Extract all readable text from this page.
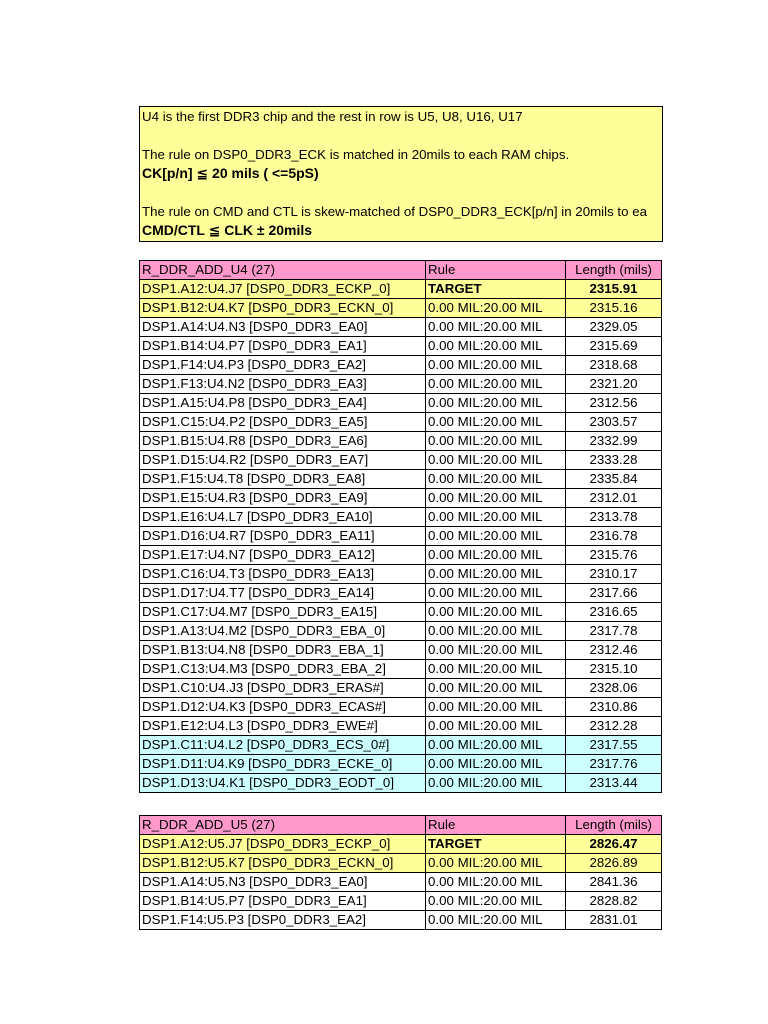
U4 is the first DDR3 chip and the rest in row is U5, U8, U16, U17
The rule on DSP0_DDR3_ECK is matched in 20mils to each RAM chips.
CK[p/n] ≦ 20 mils ( <=5pS)
The rule on CMD and CTL is skew-matched of DSP0_DDR3_ECK[p/n] in 20mils to ea
CMD/CTL ≦ CLK ± 20mils
R_DDR_ADD_U4 (27)	Rule	Length (mils)
DSP1.A12:U4.J7 [DSP0_DDR3_ECKP_0]	TARGET	2315.91
DSP1.B12:U4.K7 [DSP0_DDR3_ECKN_0]	0.00 MIL:20.00 MIL	2315.16
DSP1.A14:U4.N3 [DSP0_DDR3_EA0]	0.00 MIL:20.00 MIL	2329.05
DSP1.B14:U4.P7 [DSP0_DDR3_EA1]	0.00 MIL:20.00 MIL	2315.69
DSP1.F14:U4.P3 [DSP0_DDR3_EA2]	0.00 MIL:20.00 MIL	2318.68
DSP1.F13:U4.N2 [DSP0_DDR3_EA3]	0.00 MIL:20.00 MIL	2321.20
DSP1.A15:U4.P8 [DSP0_DDR3_EA4]	0.00 MIL:20.00 MIL	2312.56
DSP1.C15:U4.P2 [DSP0_DDR3_EA5]	0.00 MIL:20.00 MIL	2303.57
DSP1.B15:U4.R8 [DSP0_DDR3_EA6]	0.00 MIL:20.00 MIL	2332.99
DSP1.D15:U4.R2 [DSP0_DDR3_EA7]	0.00 MIL:20.00 MIL	2333.28
DSP1.F15:U4.T8 [DSP0_DDR3_EA8]	0.00 MIL:20.00 MIL	2335.84
DSP1.E15:U4.R3 [DSP0_DDR3_EA9]	0.00 MIL:20.00 MIL	2312.01
DSP1.E16:U4.L7 [DSP0_DDR3_EA10]	0.00 MIL:20.00 MIL	2313.78
DSP1.D16:U4.R7 [DSP0_DDR3_EA11]	0.00 MIL:20.00 MIL	2316.78
DSP1.E17:U4.N7 [DSP0_DDR3_EA12]	0.00 MIL:20.00 MIL	2315.76
DSP1.C16:U4.T3 [DSP0_DDR3_EA13]	0.00 MIL:20.00 MIL	2310.17
DSP1.D17:U4.T7 [DSP0_DDR3_EA14]	0.00 MIL:20.00 MIL	2317.66
DSP1.C17:U4.M7 [DSP0_DDR3_EA15]	0.00 MIL:20.00 MIL	2316.65
DSP1.A13:U4.M2 [DSP0_DDR3_EBA_0]	0.00 MIL:20.00 MIL	2317.78
DSP1.B13:U4.N8 [DSP0_DDR3_EBA_1]	0.00 MIL:20.00 MIL	2312.46
DSP1.C13:U4.M3 [DSP0_DDR3_EBA_2]	0.00 MIL:20.00 MIL	2315.10
DSP1.C10:U4.J3 [DSP0_DDR3_ERAS#]	0.00 MIL:20.00 MIL	2328.06
DSP1.D12:U4.K3 [DSP0_DDR3_ECAS#]	0.00 MIL:20.00 MIL	2310.86
DSP1.E12:U4.L3 [DSP0_DDR3_EWE#]	0.00 MIL:20.00 MIL	2312.28
DSP1.C11:U4.L2 [DSP0_DDR3_ECS_0#]	0.00 MIL:20.00 MIL	2317.55
DSP1.D11:U4.K9 [DSP0_DDR3_ECKE_0]	0.00 MIL:20.00 MIL	2317.76
DSP1.D13:U4.K1 [DSP0_DDR3_EODT_0]	0.00 MIL:20.00 MIL	2313.44
R_DDR_ADD_U5 (27)	Rule	Length (mils)
DSP1.A12:U5.J7 [DSP0_DDR3_ECKP_0]	TARGET	2826.47
DSP1.B12:U5.K7 [DSP0_DDR3_ECKN_0]	0.00 MIL:20.00 MIL	2826.89
DSP1.A14:U5.N3 [DSP0_DDR3_EA0]	0.00 MIL:20.00 MIL	2841.36
DSP1.B14:U5.P7 [DSP0_DDR3_EA1]	0.00 MIL:20.00 MIL	2828.82
DSP1.F14:U5.P3 [DSP0_DDR3_EA2]	0.00 MIL:20.00 MIL	2831.01
